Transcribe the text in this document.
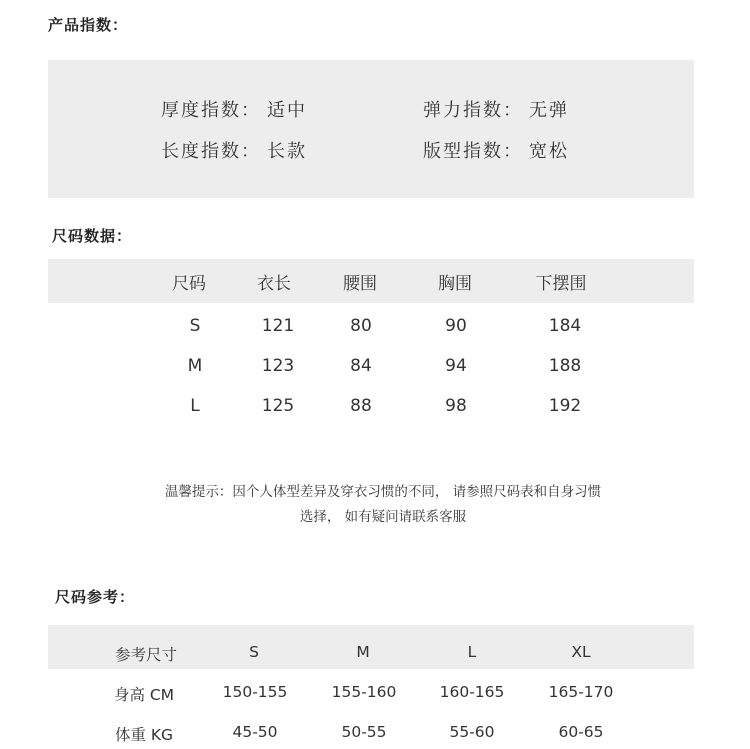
产品指数：
厚度指数： 适中	弹力指数： 无弹
长度指数： 长款	版型指数： 宽松
尺码数据：
尺码	衣长	腰围	胸围	下摆围
S	121	80	90	184
M	123	84	94	188
L	125	88	98	192
温馨提示：因个人体型差异及穿衣习惯的不同， 请参照尺码表和自身习惯
选择， 如有疑问请联系客服
尺码参考：
参考尺寸	S	M	L	XL
身高 CM	150-155	155-160	160-165	165-170
体重 KG	45-50	50-55	55-60	60-65
